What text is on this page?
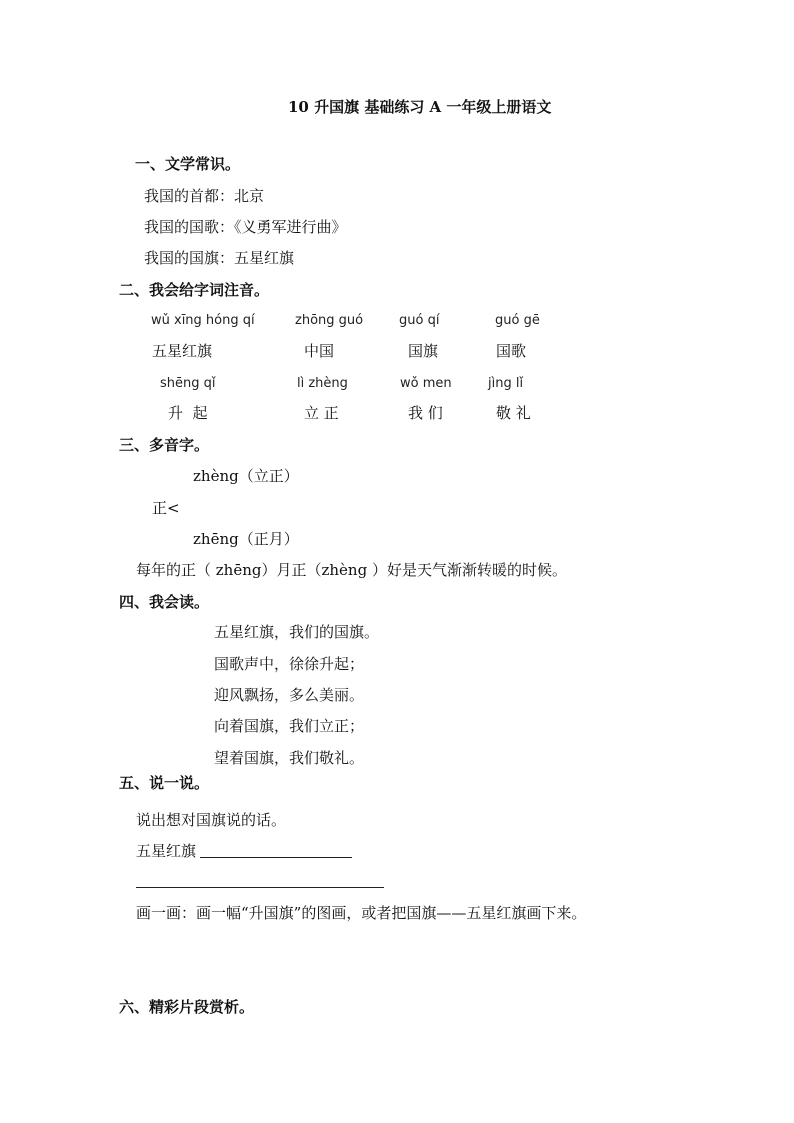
10 升国旗 基础练习 A 一年级上册语文
一、文学常识。
我国的首都：北京
我国的国歌：《义勇军进行曲》
我国的国旗：五星红旗
二、我会给字词注音。
wǔ xīng hóng qí	zhōng guó	guó qí	guó gē
五星红旗	中国	国旗	国歌
shēng qǐ	lì zhèng	wǒ men	jìng lǐ
升  起	立 正	我 们	敬 礼
三、多音字。
zhèng（立正）
正<
zhēng（正月）
每年的正（ zhēng）月正（zhèng ）好是天气渐渐转暖的时候。
四、我会读。
五星红旗，我们的国旗。
国歌声中，徐徐升起；
迎风飘扬，多么美丽。
向着国旗，我们立正；
望着国旗，我们敬礼。
五、说一说。
说出想对国旗说的话。
五星红旗
画一画：画一幅“升国旗”的图画，或者把国旗——五星红旗画下来。
六、精彩片段赏析。
